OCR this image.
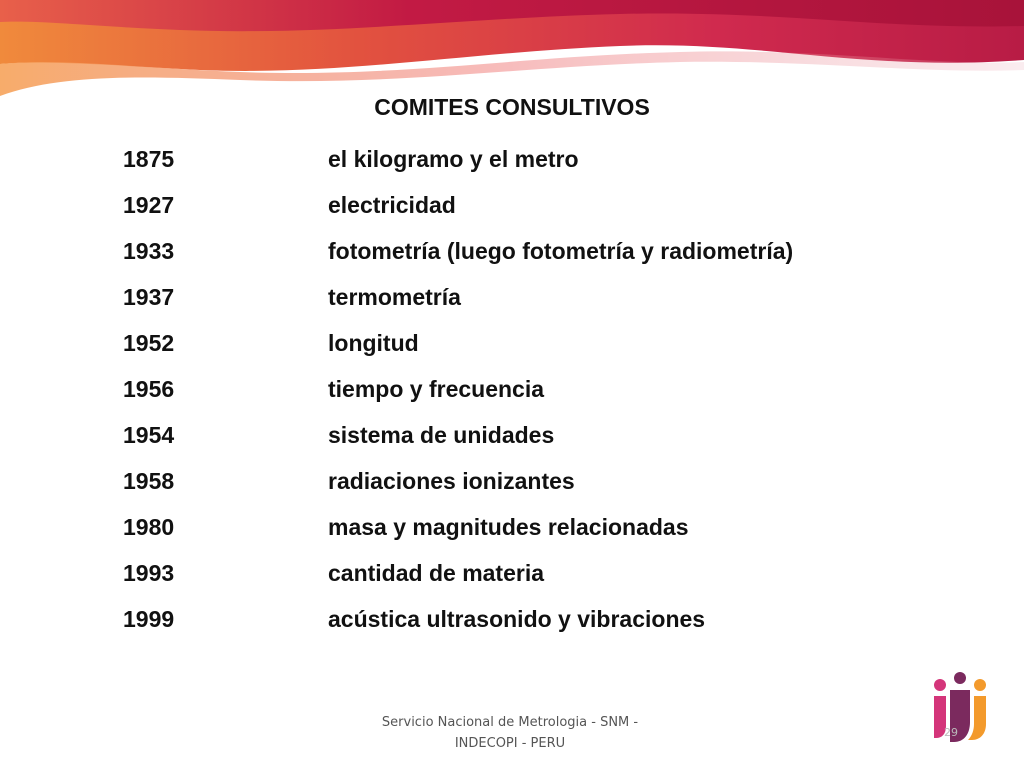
COMITES CONSULTIVOS
1875	el kilogramo y el metro
1927	electricidad
1933	fotometría (luego fotometría y radiometría)
1937	termometría
1952	longitud
1956	tiempo y frecuencia
1954	sistema de unidades
1958	radiaciones ionizantes
1980	masa y magnitudes relacionadas
1993	cantidad de materia
1999	acústica ultrasonido y vibraciones
Servicio Nacional de Metrologia - SNM -
INDECOPI - PERU
29
